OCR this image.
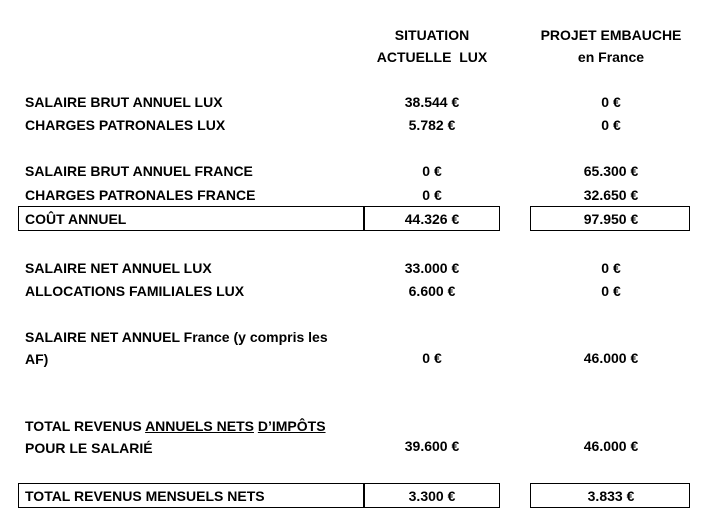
SITUATION
ACTUELLE  LUX
PROJET EMBAUCHE
en France
SALAIRE BRUT ANNUEL LUX	38.544 €	0 €
CHARGES PATRONALES LUX	5.782 €	0 €
SALAIRE BRUT ANNUEL FRANCE	0 €	65.300 €
CHARGES PATRONALES FRANCE	0 €	32.650 €
COÛT ANNUEL	44.326 €	97.950 €
SALAIRE NET ANNUEL LUX	33.000 €	0 €
ALLOCATIONS FAMILIALES LUX	6.600 €	0 €
SALAIRE NET ANNUEL France (y compris les
AF)	0 €	46.000 €
TOTAL REVENUS ANNUELS NETS D’IMPÔTS
POUR LE SALARIÉ	39.600 €	46.000 €
TOTAL REVENUS MENSUELS NETS	3.300 €	3.833 €
